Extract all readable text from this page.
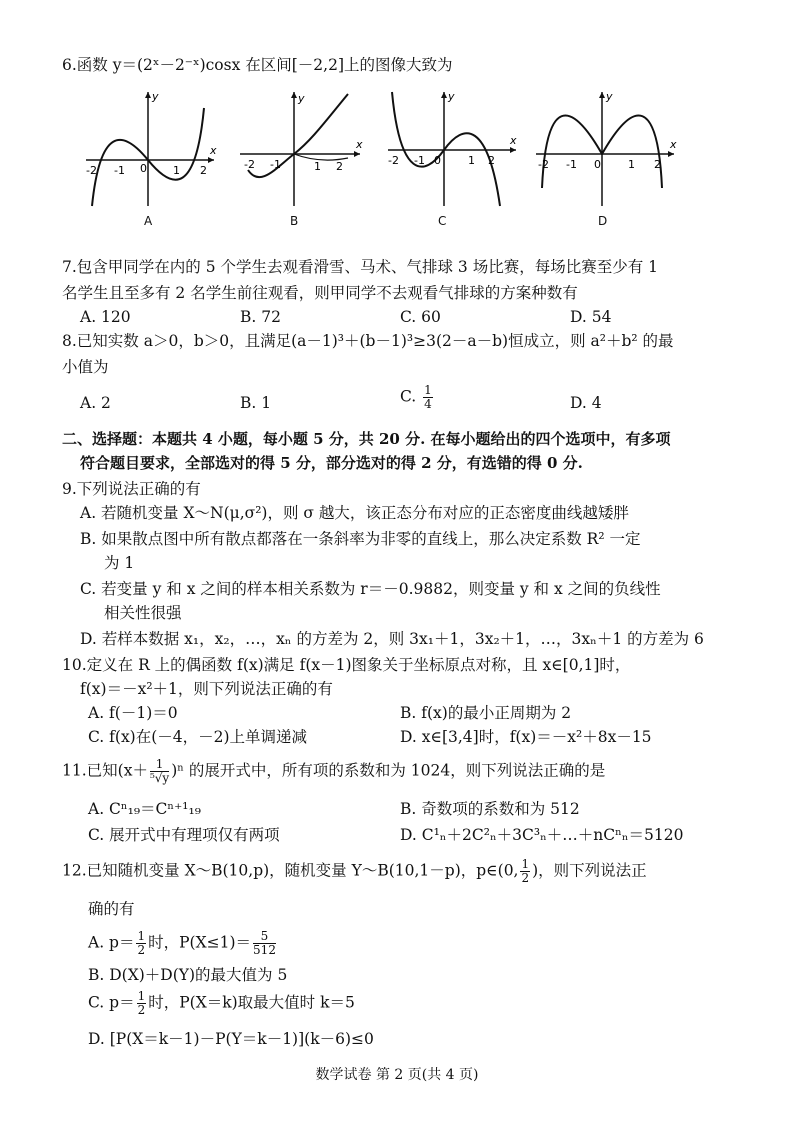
6.函数 y＝(2ˣ－2⁻ˣ)cosx 在区间[－2,2]上的图像大致为
x
y
-2 -1 0 1 2
A
x
y
-2 -1	1 2
B
x
y
-2 -1 0 1 2
C
x
y
-2 -1 0 1 2
D
7.包含甲同学在内的 5 个学生去观看滑雪、马术、气排球 3 场比赛，每场比赛至少有 1
名学生且至多有 2 名学生前往观看，则甲同学不去观看气排球的方案种数有
A. 120	B. 72	C. 60	D. 54
8.已知实数 a＞0，b＞0，且满足(a－1)³＋(b－1)³≥3(2－a－b)恒成立，则 a²＋b² 的最
小值为
A. 2	B. 1	C. $\frac{1}{4}$	D. 4
二、选择题：本题共 4 小题，每小题 5 分，共 20 分. 在每小题给出的四个选项中，有多项
符合题目要求，全部选对的得 5 分，部分选对的得 2 分，有选错的得 0 分.
9.下列说法正确的有
A. 若随机变量 X～N(μ,σ²)，则 σ 越大，该正态分布对应的正态密度曲线越矮胖
B. 如果散点图中所有散点都落在一条斜率为非零的直线上，那么决定系数 R² 一定
为 1
C. 若变量 y 和 x 之间的样本相关系数为 r＝－0.9882，则变量 y 和 x 之间的负线性
相关性很强
D. 若样本数据 x₁，x₂，…，xₙ 的方差为 2，则 3x₁＋1，3x₂＋1，…，3xₙ＋1 的方差为 6
10.定义在 R 上的偶函数 f(x)满足 f(x－1)图象关于坐标原点对称，且 x∈[0,1]时，
f(x)＝－x²＋1，则下列说法正确的有
A. f(－1)＝0	B. f(x)的最小正周期为 2
C. f(x)在(－4，－2)上单调递减	D. x∈[3,4]时，f(x)＝－x²＋8x－15
11.已知$(x+ \frac{1}{\text{⁵√y}} )^n$ 的展开式中，所有项的系数和为 1024，则下列说法正确的是
A. Cⁿ₁₉＝Cⁿ⁺¹₁₉	B. 奇数项的系数和为 512
C. 展开式中有理项仅有两项	D. C¹ₙ＋2C²ₙ＋3C³ₙ＋…＋nCⁿₙ＝5120
12.已知随机变量 X～B(10,p)，随机变量 Y～B(10,1－p)，p∈(0, $\frac{1}{2}$ )，则下列说法正
确的有
A. $p= \frac{1}{2}$ 时，$P(X\le 1)= \frac{5}{512}$
B. D(X)＋D(Y)的最大值为 5
C. $p= \frac{1}{2}$ 时，P(X＝k)取最大值时 k＝5
D. [P(X＝k－1)－P(Y＝k－1)](k－6)≤0
数学试卷 第 2 页(共 4 页)
